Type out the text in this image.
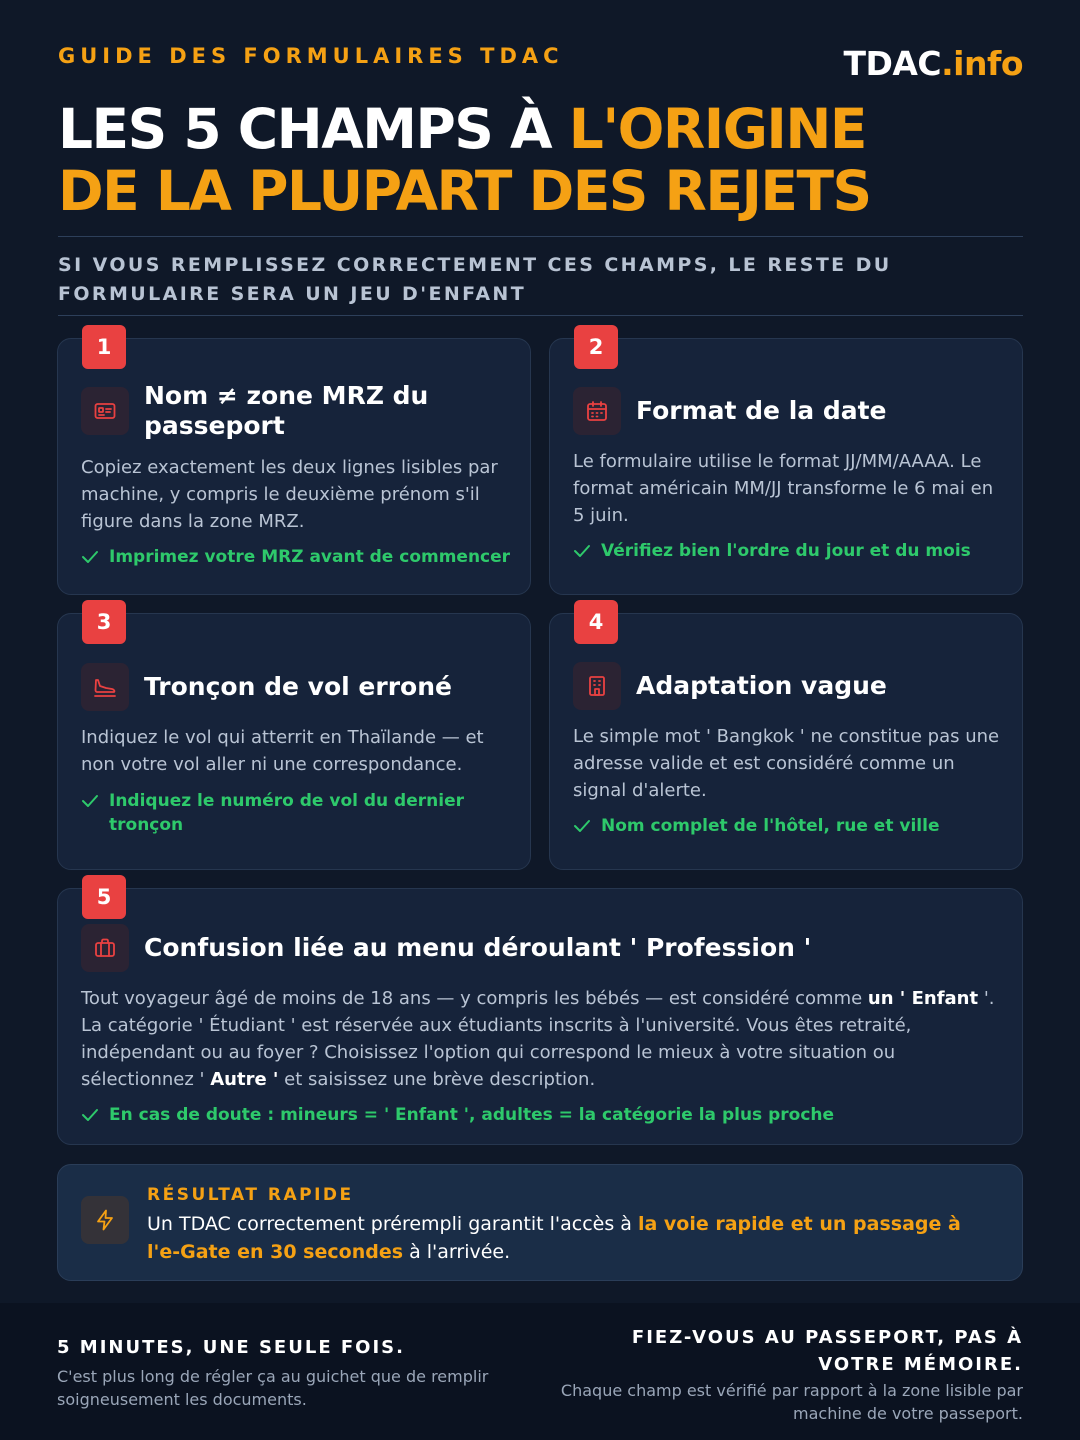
GUIDE DES FORMULAIRES TDAC	TDAC.info
LES 5 CHAMPS À L'ORIGINE
DE LA PLUPART DES REJETS
SI VOUS REMPLISSEZ CORRECTEMENT CES CHAMPS, LE RESTE DU FORMULAIRE SERA UN JEU D'ENFANT
1
Nom ≠ zone MRZ du passeport
Copiez exactement les deux lignes lisibles par machine, y compris le deuxième prénom s'il figure dans la zone MRZ.
Imprimez votre MRZ avant de commencer
2
Format de la date
Le formulaire utilise le format JJ/MM/AAAA. Le format américain MM/JJ transforme le 6 mai en 5 juin.
Vérifiez bien l'ordre du jour et du mois
3
Tronçon de vol erroné
Indiquez le vol qui atterrit en Thaïlande — et non votre vol aller ni une correspondance.
Indiquez le numéro de vol du dernier tronçon
4
Adaptation vague
Le simple mot ' Bangkok ' ne constitue pas une adresse valide et est considéré comme un signal d'alerte.
Nom complet de l'hôtel, rue et ville
5
Confusion liée au menu déroulant ' Profession '
Tout voyageur âgé de moins de 18 ans — y compris les bébés — est considéré comme un ' Enfant '. La catégorie ' Étudiant ' est réservée aux étudiants inscrits à l'université. Vous êtes retraité, indépendant ou au foyer ? Choisissez l'option qui correspond le mieux à votre situation ou sélectionnez ' Autre ' et saisissez une brève description.
En cas de doute : mineurs = ' Enfant ', adultes = la catégorie la plus proche
RÉSULTAT RAPIDE
Un TDAC correctement prérempli garantit l'accès à la voie rapide et un passage à l'e-Gate en 30 secondes à l'arrivée.
5 MINUTES, UNE SEULE FOIS.
C'est plus long de régler ça au guichet que de remplir soigneusement les documents.
FIEZ-VOUS AU PASSEPORT, PAS À VOTRE MÉMOIRE.
Chaque champ est vérifié par rapport à la zone lisible par machine de votre passeport.
